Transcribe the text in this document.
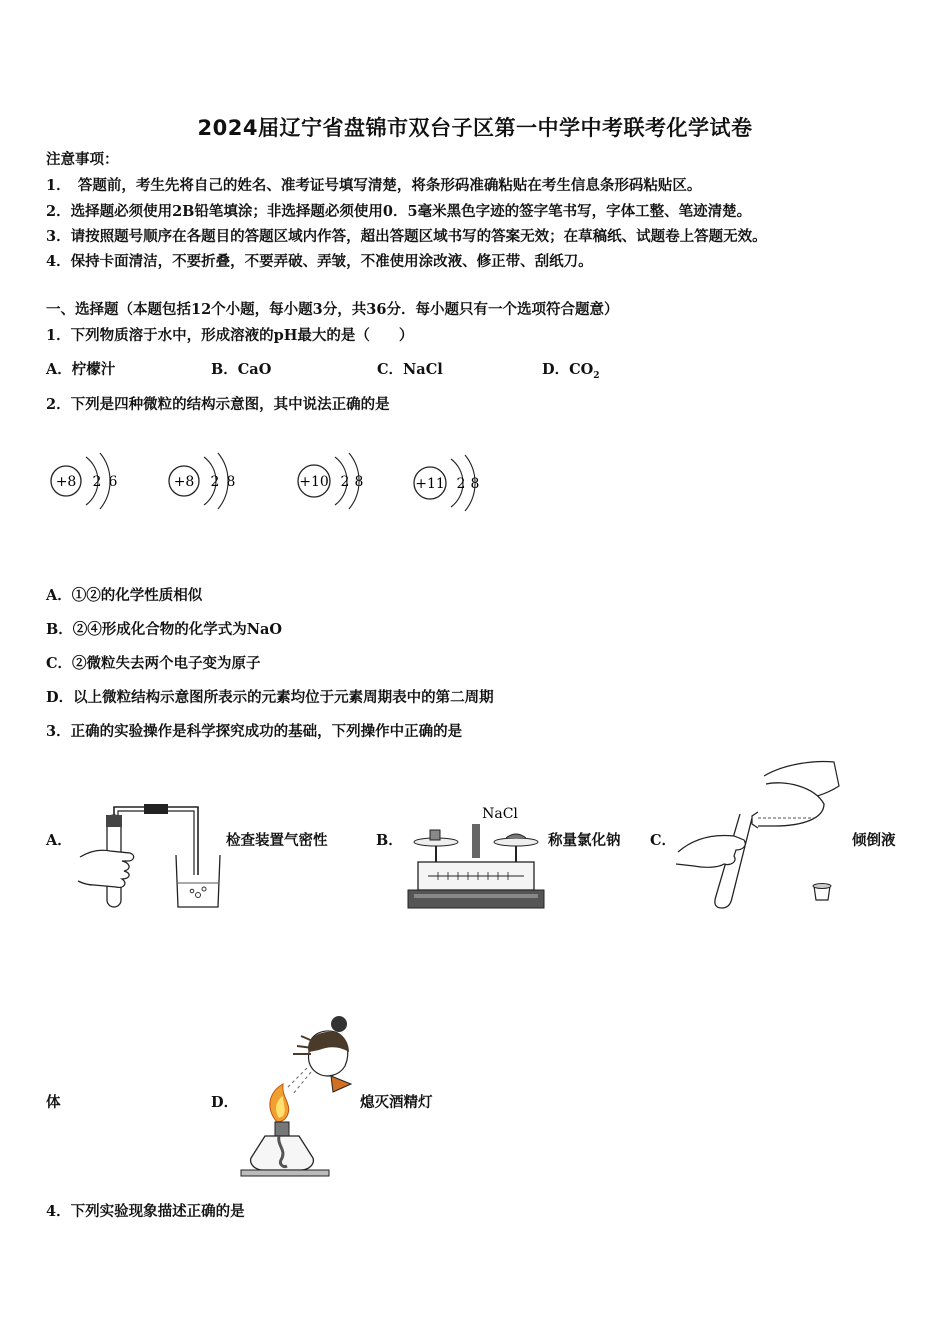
2024届辽宁省盘锦市双台子区第一中学中考联考化学试卷
注意事项：
1．　答题前，考生先将自己的姓名、准考证号填写清楚，将条形码准确粘贴在考生信息条形码粘贴区。
2．选择题必须使用2B铅笔填涂；非选择题必须使用0．5毫米黑色字迹的签字笔书写，字体工整、笔迹清楚。
3．请按照题号顺序在各题目的答题区域内作答，超出答题区域书写的答案无效；在草稿纸、试题卷上答题无效。
4．保持卡面清洁，不要折叠，不要弄破、弄皱，不准使用涂改液、修正带、刮纸刀。
一、选择题（本题包括12个小题，每小题3分，共36分．每小题只有一个选项符合题意）
1．下列物质溶于水中，形成溶液的pH最大的是（　　）
A．柠檬汁	B．CaO	C．NaCl	D．$CO_2$
2．下列是四种微粒的结构示意图，其中说法正确的是
+8 2 6	+8 2 8	+10 2 8	+11 2 8
A．①②的化学性质相似
B．②④形成化合物的化学式为NaO
C．②微粒失去两个电子变为原子
D．以上微粒结构示意图所表示的元素均位于元素周期表中的第二周期
3．正确的实验操作是科学探究成功的基础，下列操作中正确的是
A．	检查装置气密性	B．
NaCl
称量氯化钠 C．	倾倒液
体	D．	熄灭酒精灯
4．下列实验现象描述正确的是
